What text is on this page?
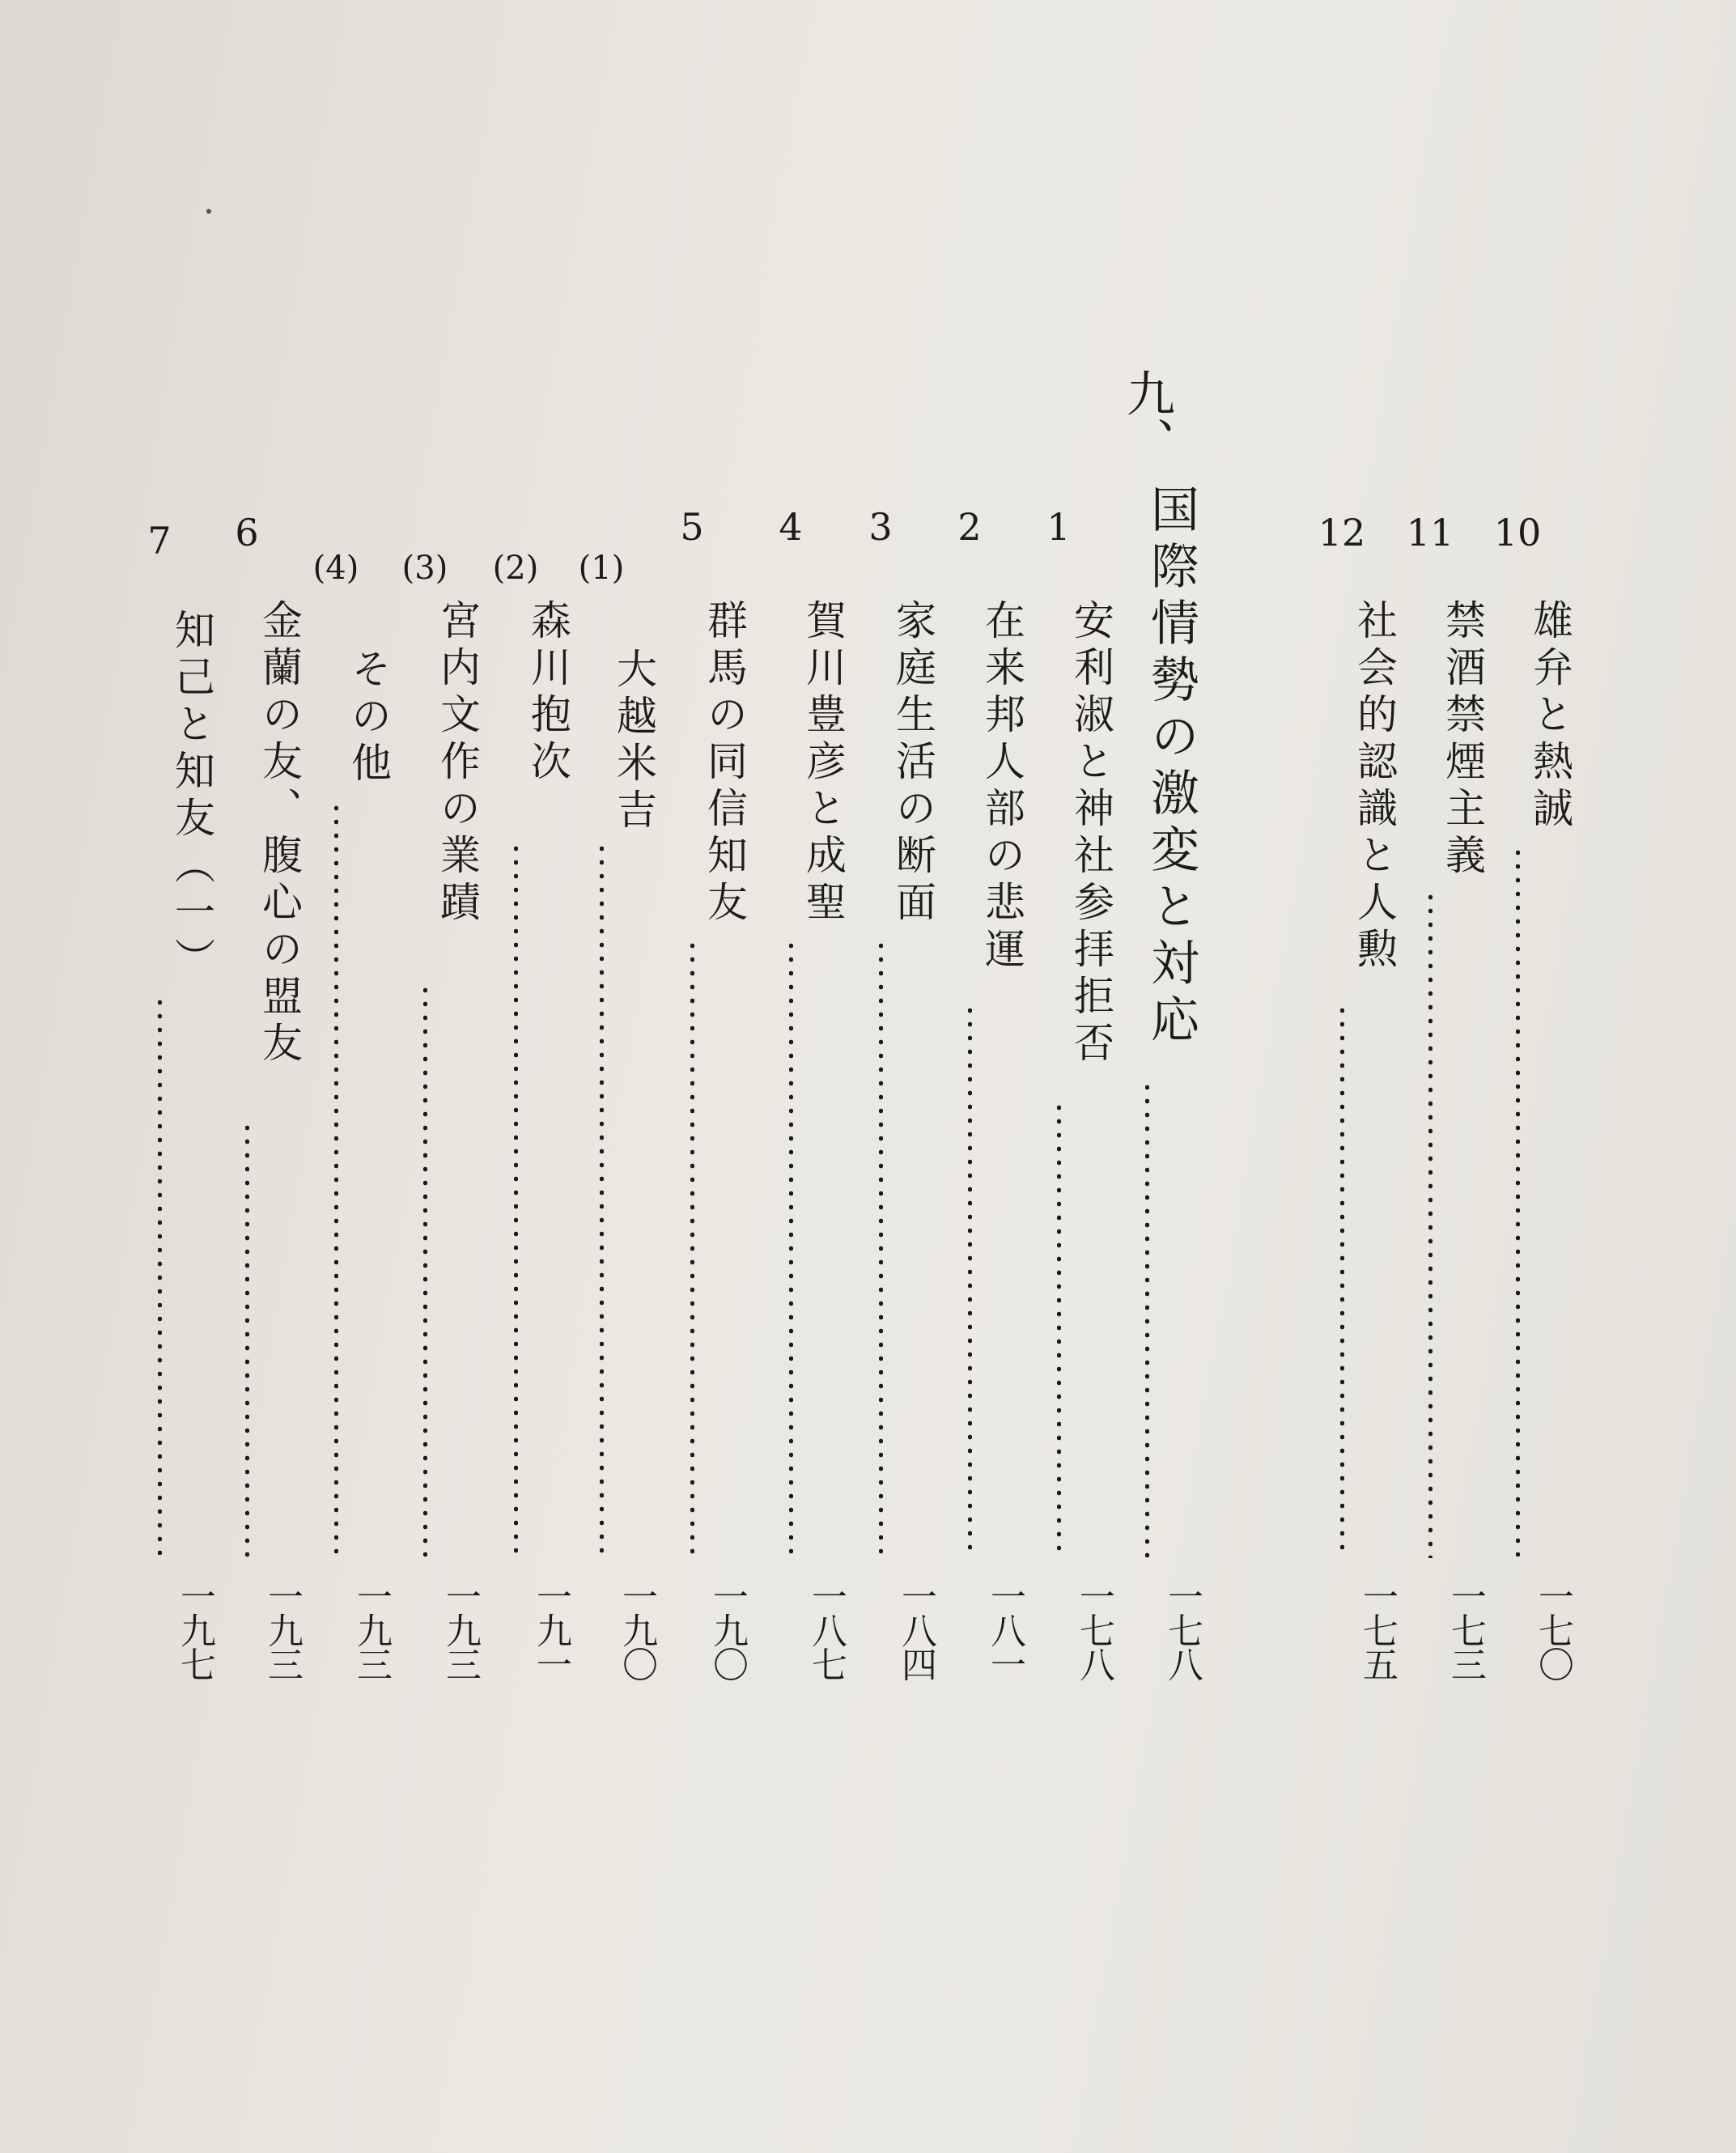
10
雄弁と熱誠
一七〇
11
禁酒禁煙主義
一七三
12
社会的認識と人勲
一七五
九、
国際情勢の激変と対応
一七八
1
安利淑と神社参拝拒否
一七八
2
在来邦人部の悲運
一八一
3
家庭生活の断面
一八四
4
賀川豊彦と成聖
一八七
5
群馬の同信知友
一九〇
(1)
大越米吉
一九〇
(2)
森川抱次
一九一
(3)
宮内文作の業蹟
一九三
(4)
その他
一九三
6
金蘭の友、腹心の盟友
一九三
7
知己と知友（一）
一九七
